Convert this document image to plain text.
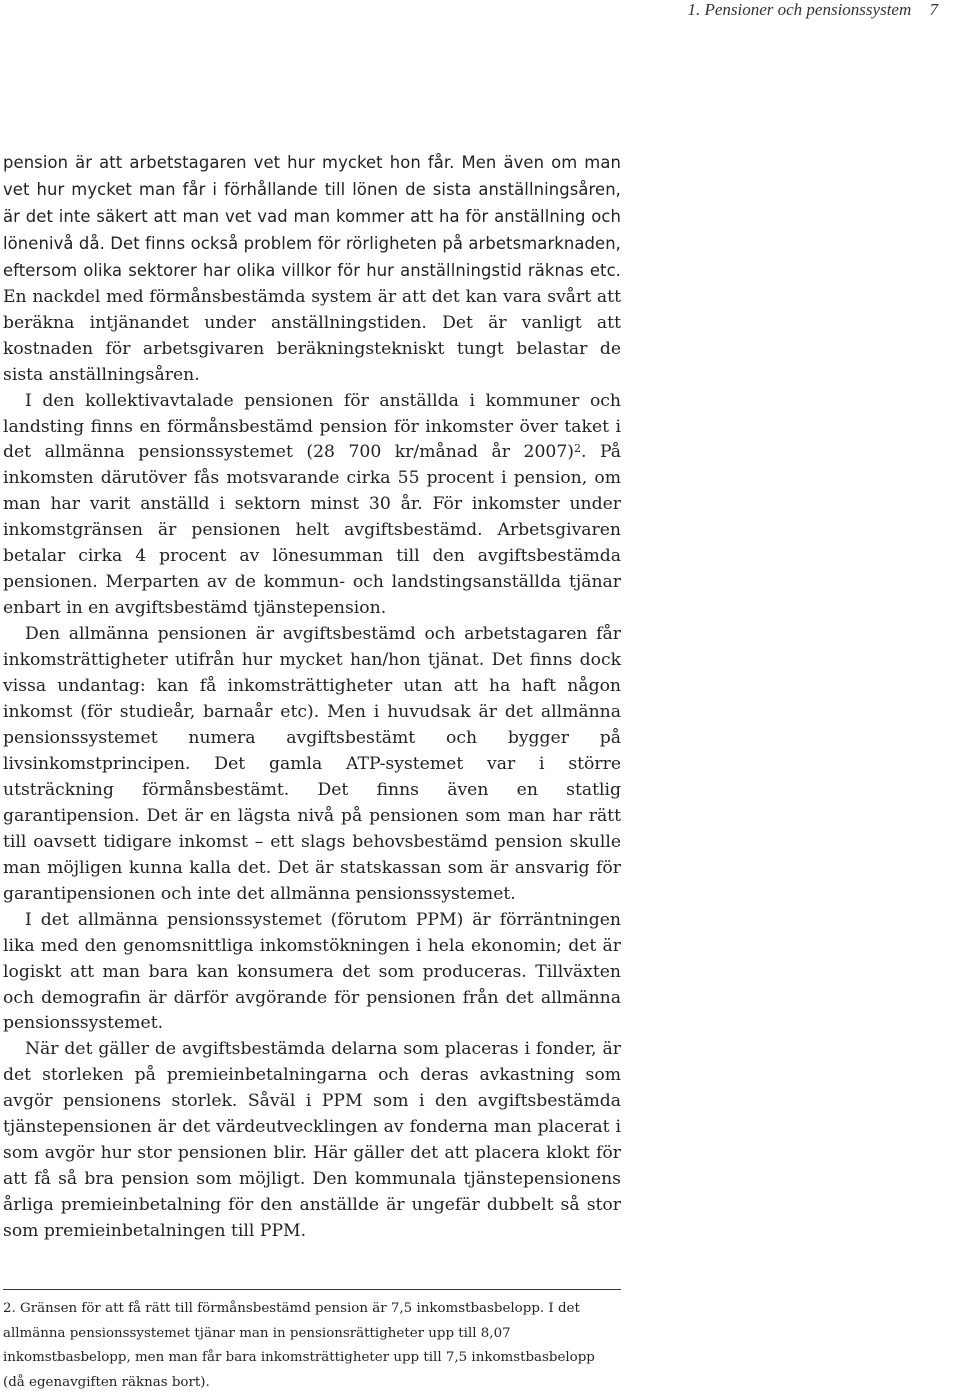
1. Pensioner och pensionssystem 7

pension är att arbetstagaren vet hur mycket hon får. Men även om man vet hur mycket man får i förhållande till lönen de sista anställningsåren, är det inte säkert att man vet vad man kommer att ha för anställning och lönenivå då. Det finns också problem för rörligheten på arbetsmarknaden, eftersom olika sektorer har olika villkor för hur anställningstid räknas etc. En nackdel med förmånsbestämda system är att det kan vara svårt att beräkna intjänandet under anställningstiden. Det är vanligt att kostnaden för arbetsgivaren beräkningstekniskt tungt belastar de sista anställningsåren.

I den kollektivavtalade pensionen för anställda i kommuner och landsting finns en förmånsbestämd pension för inkomster över taket i det allmänna pensionssystemet (28 700 kr/månad år 2007)$^2$. På inkomsten därutöver fås motsvarande cirka 55 procent i pension, om man har varit anställd i sektorn minst 30 år. För inkomster under inkomstgränsen är pensionen helt avgiftsbestämd. Arbetsgivaren betalar cirka 4 procent av lönesumman till den avgiftsbestämda pensionen. Merparten av de kommun- och landstingsanställda tjänar enbart in en avgiftsbestämd tjänstepension.

Den allmänna pensionen är avgiftsbestämd och arbetstagaren får inkomsträttigheter utifrån hur mycket han/hon tjänat. Det finns dock vissa undantag: kan få inkomsträttigheter utan att ha haft någon inkomst (för studieår, barnaår etc). Men i huvudsak är det allmänna pensionssystemet numera avgiftsbestämt och bygger på livsinkomstprincipen. Det gamla ATP-systemet var i större utsträckning förmånsbestämt. Det finns även en statlig garantipension. Det är en lägsta nivå på pensionen som man har rätt till oavsett tidigare inkomst – ett slags behovsbestämd pension skulle man möjligen kunna kalla det. Det är statskassan som är ansvarig för garantipensionen och inte det allmänna pensionssystemet.

I det allmänna pensionssystemet (förutom PPM) är förräntningen lika med den genomsnittliga inkomstökningen i hela ekonomin; det är logiskt att man bara kan konsumera det som produceras. Tillväxten och demografin är därför avgörande för pensionen från det allmänna pensionssystemet.

När det gäller de avgiftsbestämda delarna som placeras i fonder, är det storleken på premieinbetalningarna och deras avkastning som avgör pensionens storlek. Såväl i PPM som i den avgiftsbestämda tjänstepensionen är det värdeutvecklingen av fonderna man placerat i som avgör hur stor pensionen blir. Här gäller det att placera klokt för att få så bra pension som möjligt. Den kommunala tjänstepensionens årliga premieinbetalning för den anställde är ungefär dubbelt så stor som premieinbetalningen till PPM.

2. Gränsen för att få rätt till förmånsbestämd pension är 7,5 inkomstbasbelopp. I det allmänna pensionssystemet tjänar man in pensionsrättigheter upp till 8,07 inkomstbasbelopp, men man får bara inkomsträttigheter upp till 7,5 inkomstbasbelopp (då egenavgiften räknas bort).
